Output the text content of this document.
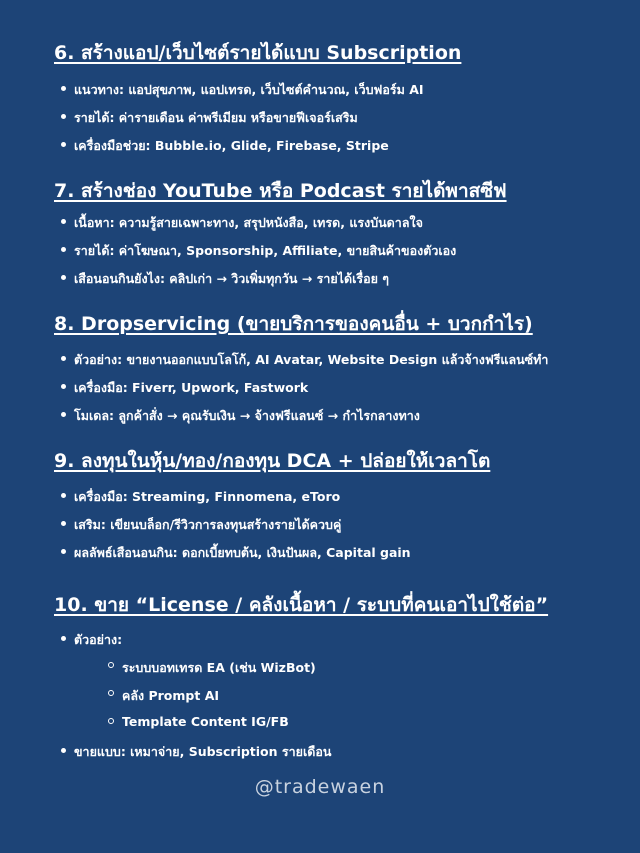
6. สร้างแอป/เว็บไซต์รายได้แบบ Subscription
แนวทาง: แอปสุขภาพ, แอปเทรด, เว็บไซต์คำนวณ, เว็บฟอร์ม AI
รายได้: ค่ารายเดือน ค่าพรีเมียม หรือขายฟีเจอร์เสริม
เครื่องมือช่วย: Bubble.io, Glide, Firebase, Stripe
7. สร้างช่อง YouTube หรือ Podcast รายได้พาสซีฟ
เนื้อหา: ความรู้สายเฉพาะทาง, สรุปหนังสือ, เทรด, แรงบันดาลใจ
รายได้: ค่าโฆษณา, Sponsorship, Affiliate, ขายสินค้าของตัวเอง
เสือนอนกินยังไง: คลิปเก่า → วิวเพิ่มทุกวัน → รายได้เรื่อย ๆ
8. Dropservicing (ขายบริการของคนอื่น + บวกกำไร)
ตัวอย่าง: ขายงานออกแบบโลโก้, AI Avatar, Website Design แล้วจ้างฟรีแลนซ์ทำ
เครื่องมือ: Fiverr, Upwork, Fastwork
โมเดล: ลูกค้าสั่ง → คุณรับเงิน → จ้างฟรีแลนซ์ → กำไรกลางทาง
9. ลงทุนในหุ้น/ทอง/กองทุน DCA + ปล่อยให้เวลาโต
เครื่องมือ: Streaming, Finnomena, eToro
เสริม: เขียนบล็อก/รีวิวการลงทุนสร้างรายได้ควบคู่
ผลลัพธ์เสือนอนกิน: ดอกเบี้ยทบต้น, เงินปันผล, Capital gain
10. ขาย “License / คลังเนื้อหา / ระบบที่คนเอาไปใช้ต่อ”
ตัวอย่าง:
ระบบบอทเทรด EA (เช่น WizBot)
คลัง Prompt AI
Template Content IG/FB
ขายแบบ: เหมาจ่าย, Subscription รายเดือน
@tradewaen
